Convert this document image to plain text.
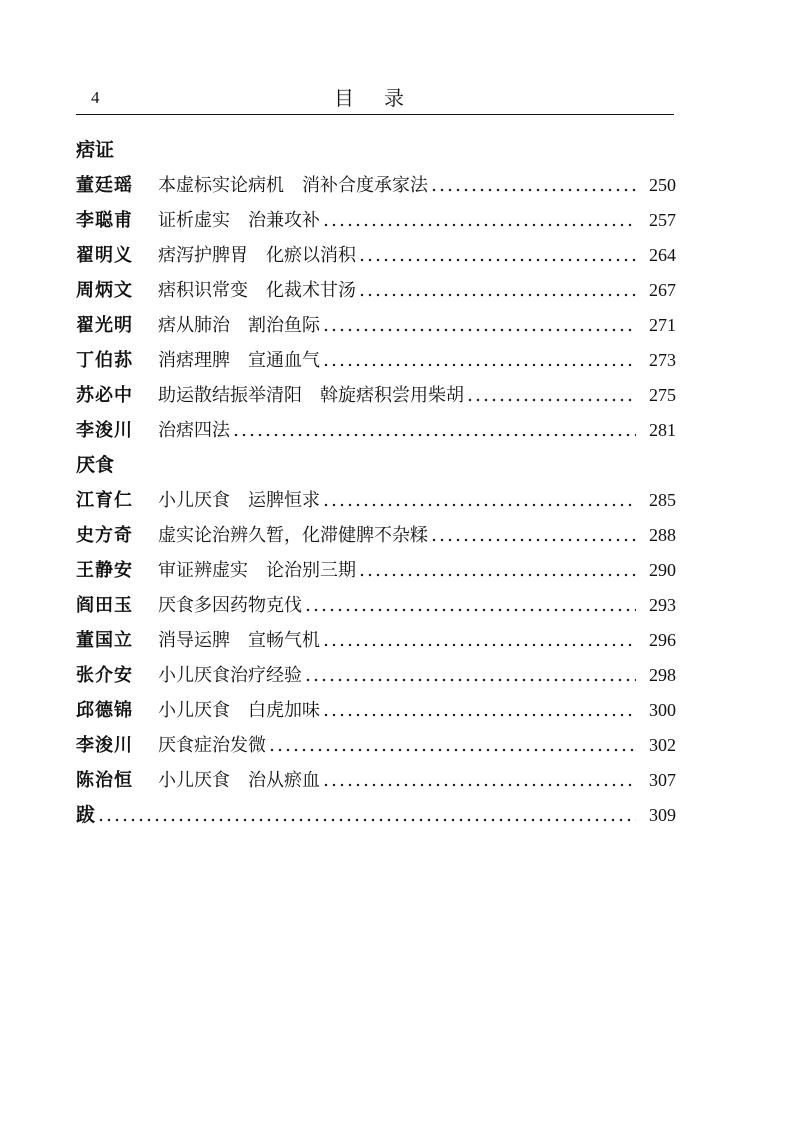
4	目录
痞证
董廷瑶	本虚标实论病机　消补合度承家法	250
李聪甫	证析虚实　治兼攻补	257
翟明义	痞泻护脾胃　化瘀以消积	264
周炳文	痞积识常变　化裁术甘汤	267
翟光明	痞从肺治　割治鱼际	271
丁伯荪	消痞理脾　宣通血气	273
苏必中	助运散结振举清阳　斡旋痞积尝用柴胡	275
李浚川	治痞四法	281
厌食
江育仁	小儿厌食　运脾恒求	285
史方奇	虚实论治辨久暂，化滞健脾不杂糅	288
王静安	审证辨虚实　论治别三期	290
阎田玉	厌食多因药物克伐	293
董国立	消导运脾　宣畅气机	296
张介安	小儿厌食治疗经验	298
邱德锦	小儿厌食　白虎加味	300
李浚川	厌食症治发微	302
陈治恒	小儿厌食　治从瘀血	307
跋	309
